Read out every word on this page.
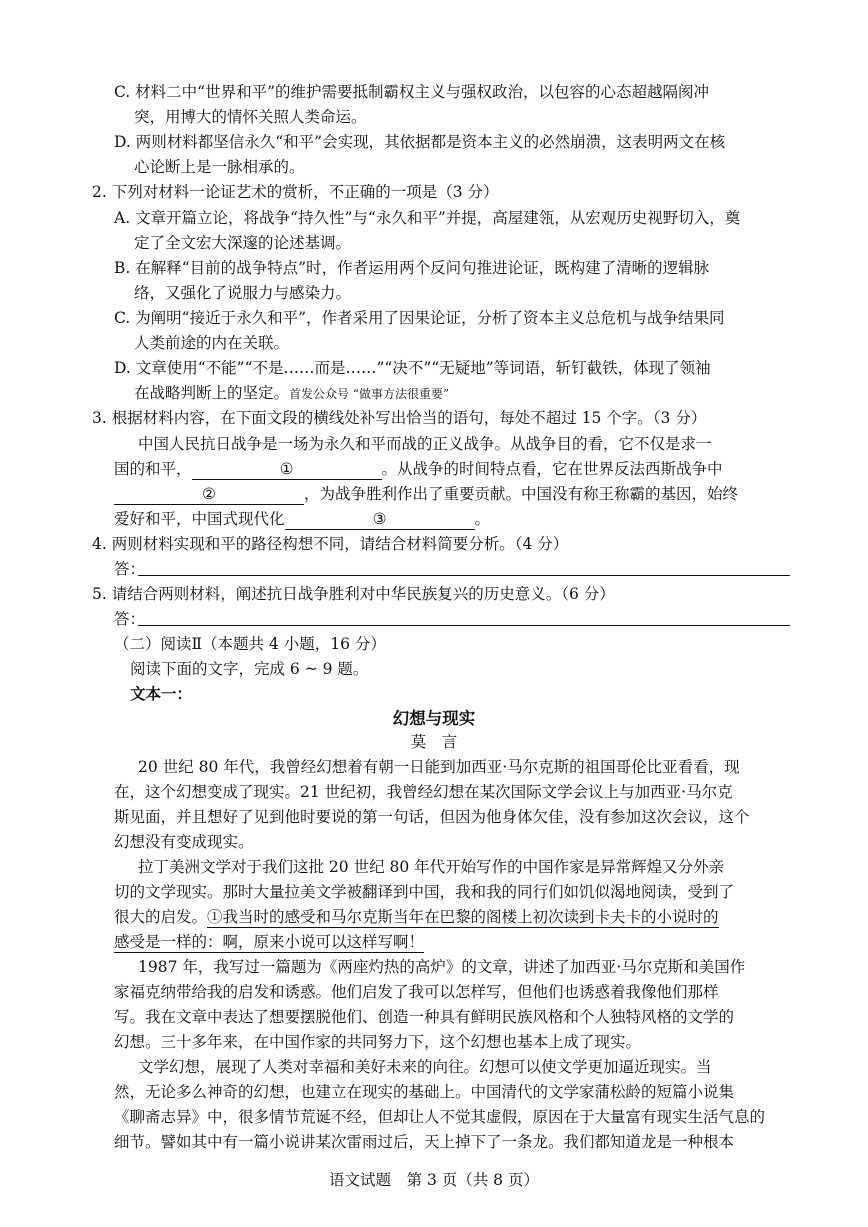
C. 材料二中“世界和平”的维护需要抵制霸权主义与强权政治，以包容的心态超越隔阂冲
突，用博大的情怀关照人类命运。
D. 两则材料都坚信永久“和平”会实现，其依据都是资本主义的必然崩溃，这表明两文在核
心论断上是一脉相承的。
2. 下列对材料一论证艺术的赏析，不正确的一项是（3 分）
A. 文章开篇立论，将战争“持久性”与“永久和平”并提，高屋建瓴，从宏观历史视野切入，奠
定了全文宏大深邃的论述基调。
B. 在解释“目前的战争特点”时，作者运用两个反问句推进论证，既构建了清晰的逻辑脉
络，又强化了说服力与感染力。
C. 为阐明“接近于永久和平”，作者采用了因果论证，分析了资本主义总危机与战争结果同
人类前途的内在关联。
D. 文章使用“不能”“不是……而是……”“决不”“无疑地”等词语，斩钉截铁，体现了领袖
在战略判断上的坚定。首发公众号 “做事方法很重要”
3. 根据材料内容，在下面文段的横线处补写出恰当的语句，每处不超过 15 个字。（3 分）
中国人民抗日战争是一场为永久和平而战的正义战争。从战争目的看，它不仅是求一
国的和平，	①	。从战争的时间特点看，它在世界反法西斯战争中
②	，为战争胜利作出了重要贡献。中国没有称王称霸的基因，始终
爱好和平，中国式现代化	③	。
4. 两则材料实现和平的路径构想不同，请结合材料简要分析。（4 分）
答：
5. 请结合两则材料，阐述抗日战争胜利对中华民族复兴的历史意义。（6 分）
答：
（二）阅读Ⅱ（本题共 4 小题，16 分）
阅读下面的文字，完成 6 ~ 9 题。
文本一：
幻想与现实
莫　言
20 世纪 80 年代，我曾经幻想着有朝一日能到加西亚·马尔克斯的祖国哥伦比亚看看，现
在，这个幻想变成了现实。21 世纪初，我曾经幻想在某次国际文学会议上与加西亚·马尔克
斯见面，并且想好了见到他时要说的第一句话，但因为他身体欠佳，没有参加这次会议，这个
幻想没有变成现实。
拉丁美洲文学对于我们这批 20 世纪 80 年代开始写作的中国作家是异常辉煌又分外亲
切的文学现实。那时大量拉美文学被翻译到中国，我和我的同行们如饥似渴地阅读，受到了
很大的启发。①我当时的感受和马尔克斯当年在巴黎的阁楼上初次读到卡夫卡的小说时的
感受是一样的：啊，原来小说可以这样写啊！
1987 年，我写过一篇题为《两座灼热的高炉》的文章，讲述了加西亚·马尔克斯和美国作
家福克纳带给我的启发和诱惑。他们启发了我可以怎样写，但他们也诱惑着我像他们那样
写。我在文章中表达了想要摆脱他们、创造一种具有鲜明民族风格和个人独特风格的文学的
幻想。三十多年来，在中国作家的共同努力下，这个幻想也基本上成了现实。
文学幻想，展现了人类对幸福和美好未来的向往。幻想可以使文学更加逼近现实。当
然，无论多么神奇的幻想，也建立在现实的基础上。中国清代的文学家蒲松龄的短篇小说集
《聊斋志异》中，很多情节荒诞不经，但却让人不觉其虚假，原因在于大量富有现实生活气息的
细节。譬如其中有一篇小说讲某次雷雨过后，天上掉下了一条龙。我们都知道龙是一种根本
语文试题　第 3 页（共 8 页）
